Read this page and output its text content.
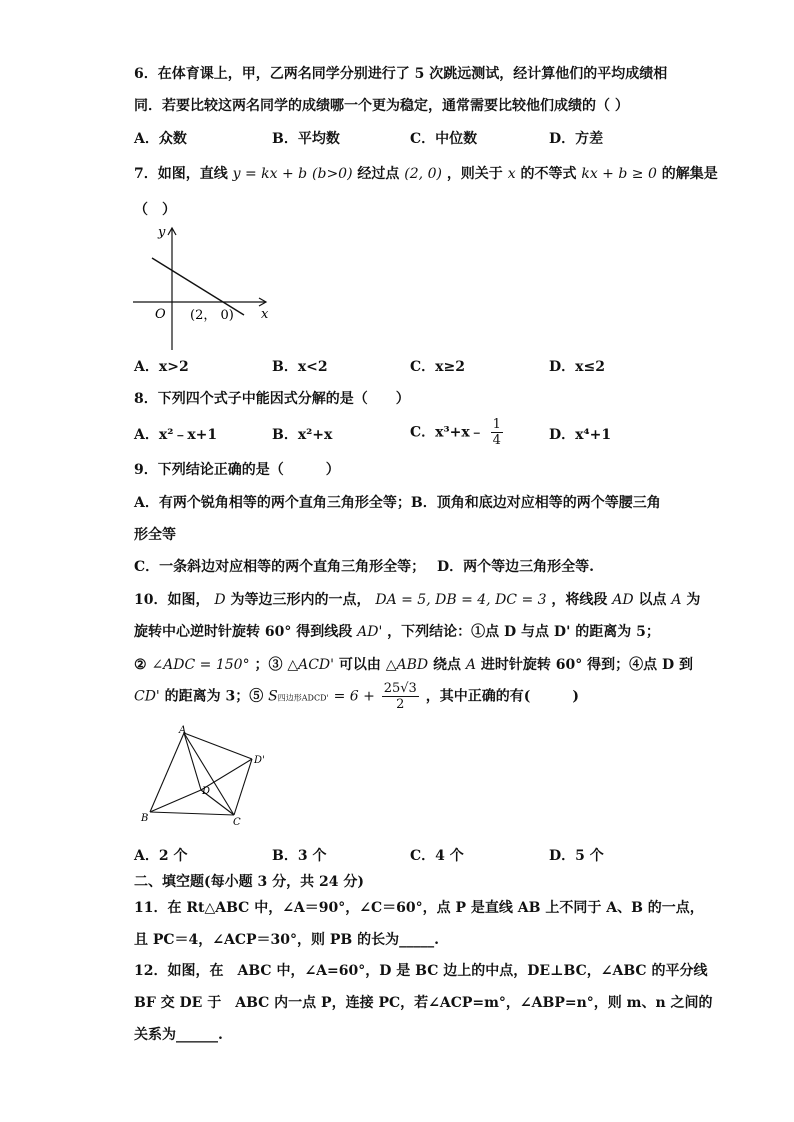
6．在体育课上，甲，乙两名同学分别进行了 5 次跳远测试，经计算他们的平均成绩相
同．若要比较这两名同学的成绩哪一个更为稳定，通常需要比较他们成绩的（ ）
A．众数	B．平均数	C．中位数	D．方差
7．如图，直线 y = kx + b (b>0) 经过点 (2, 0) ，则关于 x 的不等式 kx + b ≥ 0 的解集是
（　）
y
x
O (2， 0)
A．x>2	B．x<2	C．x≥2	D．x≤2
8．下列四个式子中能因式分解的是（　　）
A．x²﹣x+1	B．x²+x	C．x³+x﹣ $\frac{1}{4}$	D．x⁴+1
9．下列结论正确的是（　　　）
A．有两个锐角相等的两个直角三角形全等；B．顶角和底边对应相等的两个等腰三角
形全等
C．一条斜边对应相等的两个直角三角形全等；　 D．两个等边三角形全等.
10．如图， D 为等边三形内的一点， DA = 5, DB = 4, DC = 3 ，将线段 AD 以点 A 为
旋转中心逆时针旋转 60° 得到线段 AD' ，下列结论：①点 D 与点 D' 的距离为 5；
② ∠ADC = 150° ；③ △ACD' 可以由 △ABD 绕点 A 进时针旋转 60° 得到；④点 D 到
CD' 的距离为 3；⑤ S四边形ADCD' = $6 + \frac{25√3}{2}$ ，其中正确的有(　　　)
A
B	C
D
D'
A．2 个	B．3 个	C．4 个	D．5 个
二、填空题(每小题 3 分，共 24 分)
11．在 Rt△ABC 中，∠A＝90°，∠C＝60°，点 P 是直线 AB 上不同于 A、B 的一点，
且 PC＝4，∠ACP＝30°，则 PB 的长为_____.
12．如图，在　ABC 中，∠A=60°，D 是 BC 边上的中点，DE⊥BC，∠ABC 的平分线
BF 交 DE 于　ABC 内一点 P，连接 PC，若∠ACP=m°，∠ABP=n°，则 m、n 之间的
关系为______.
